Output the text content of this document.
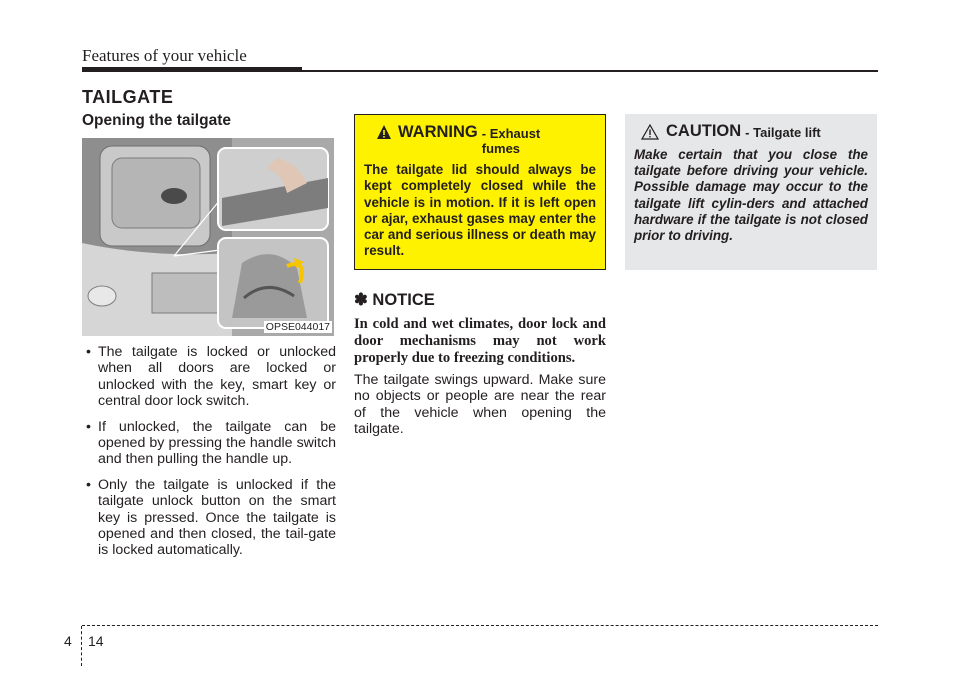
Features of your vehicle
TAILGATE
Opening the tailgate
OPSE044017
• The tailgate is locked or unlocked when all doors are locked or unlocked with the key, smart key or central door lock switch.
• If unlocked, the tailgate can be opened by pressing the handle switch and then pulling the handle up.
• Only the tailgate is unlocked if the tailgate unlock button on the smart key is pressed. Once the tailgate is opened and then closed, the tail-gate is locked automatically.
WARNING - Exhaust
fumes
The tailgate lid should always be kept completely closed while the vehicle is in motion. If it is left open or ajar, exhaust gases may enter the car and serious illness or death may result.
✽ NOTICE
In cold and wet climates, door lock and door mechanisms may not work properly due to freezing conditions.
The tailgate swings upward. Make sure no objects or people are near the rear of the vehicle when opening the tailgate.
CAUTION - Tailgate lift
Make certain that you close the tailgate before driving your vehicle. Possible damage may occur to the tailgate lift cylin-ders and attached hardware if the tailgate is not closed prior to driving.
4 14
